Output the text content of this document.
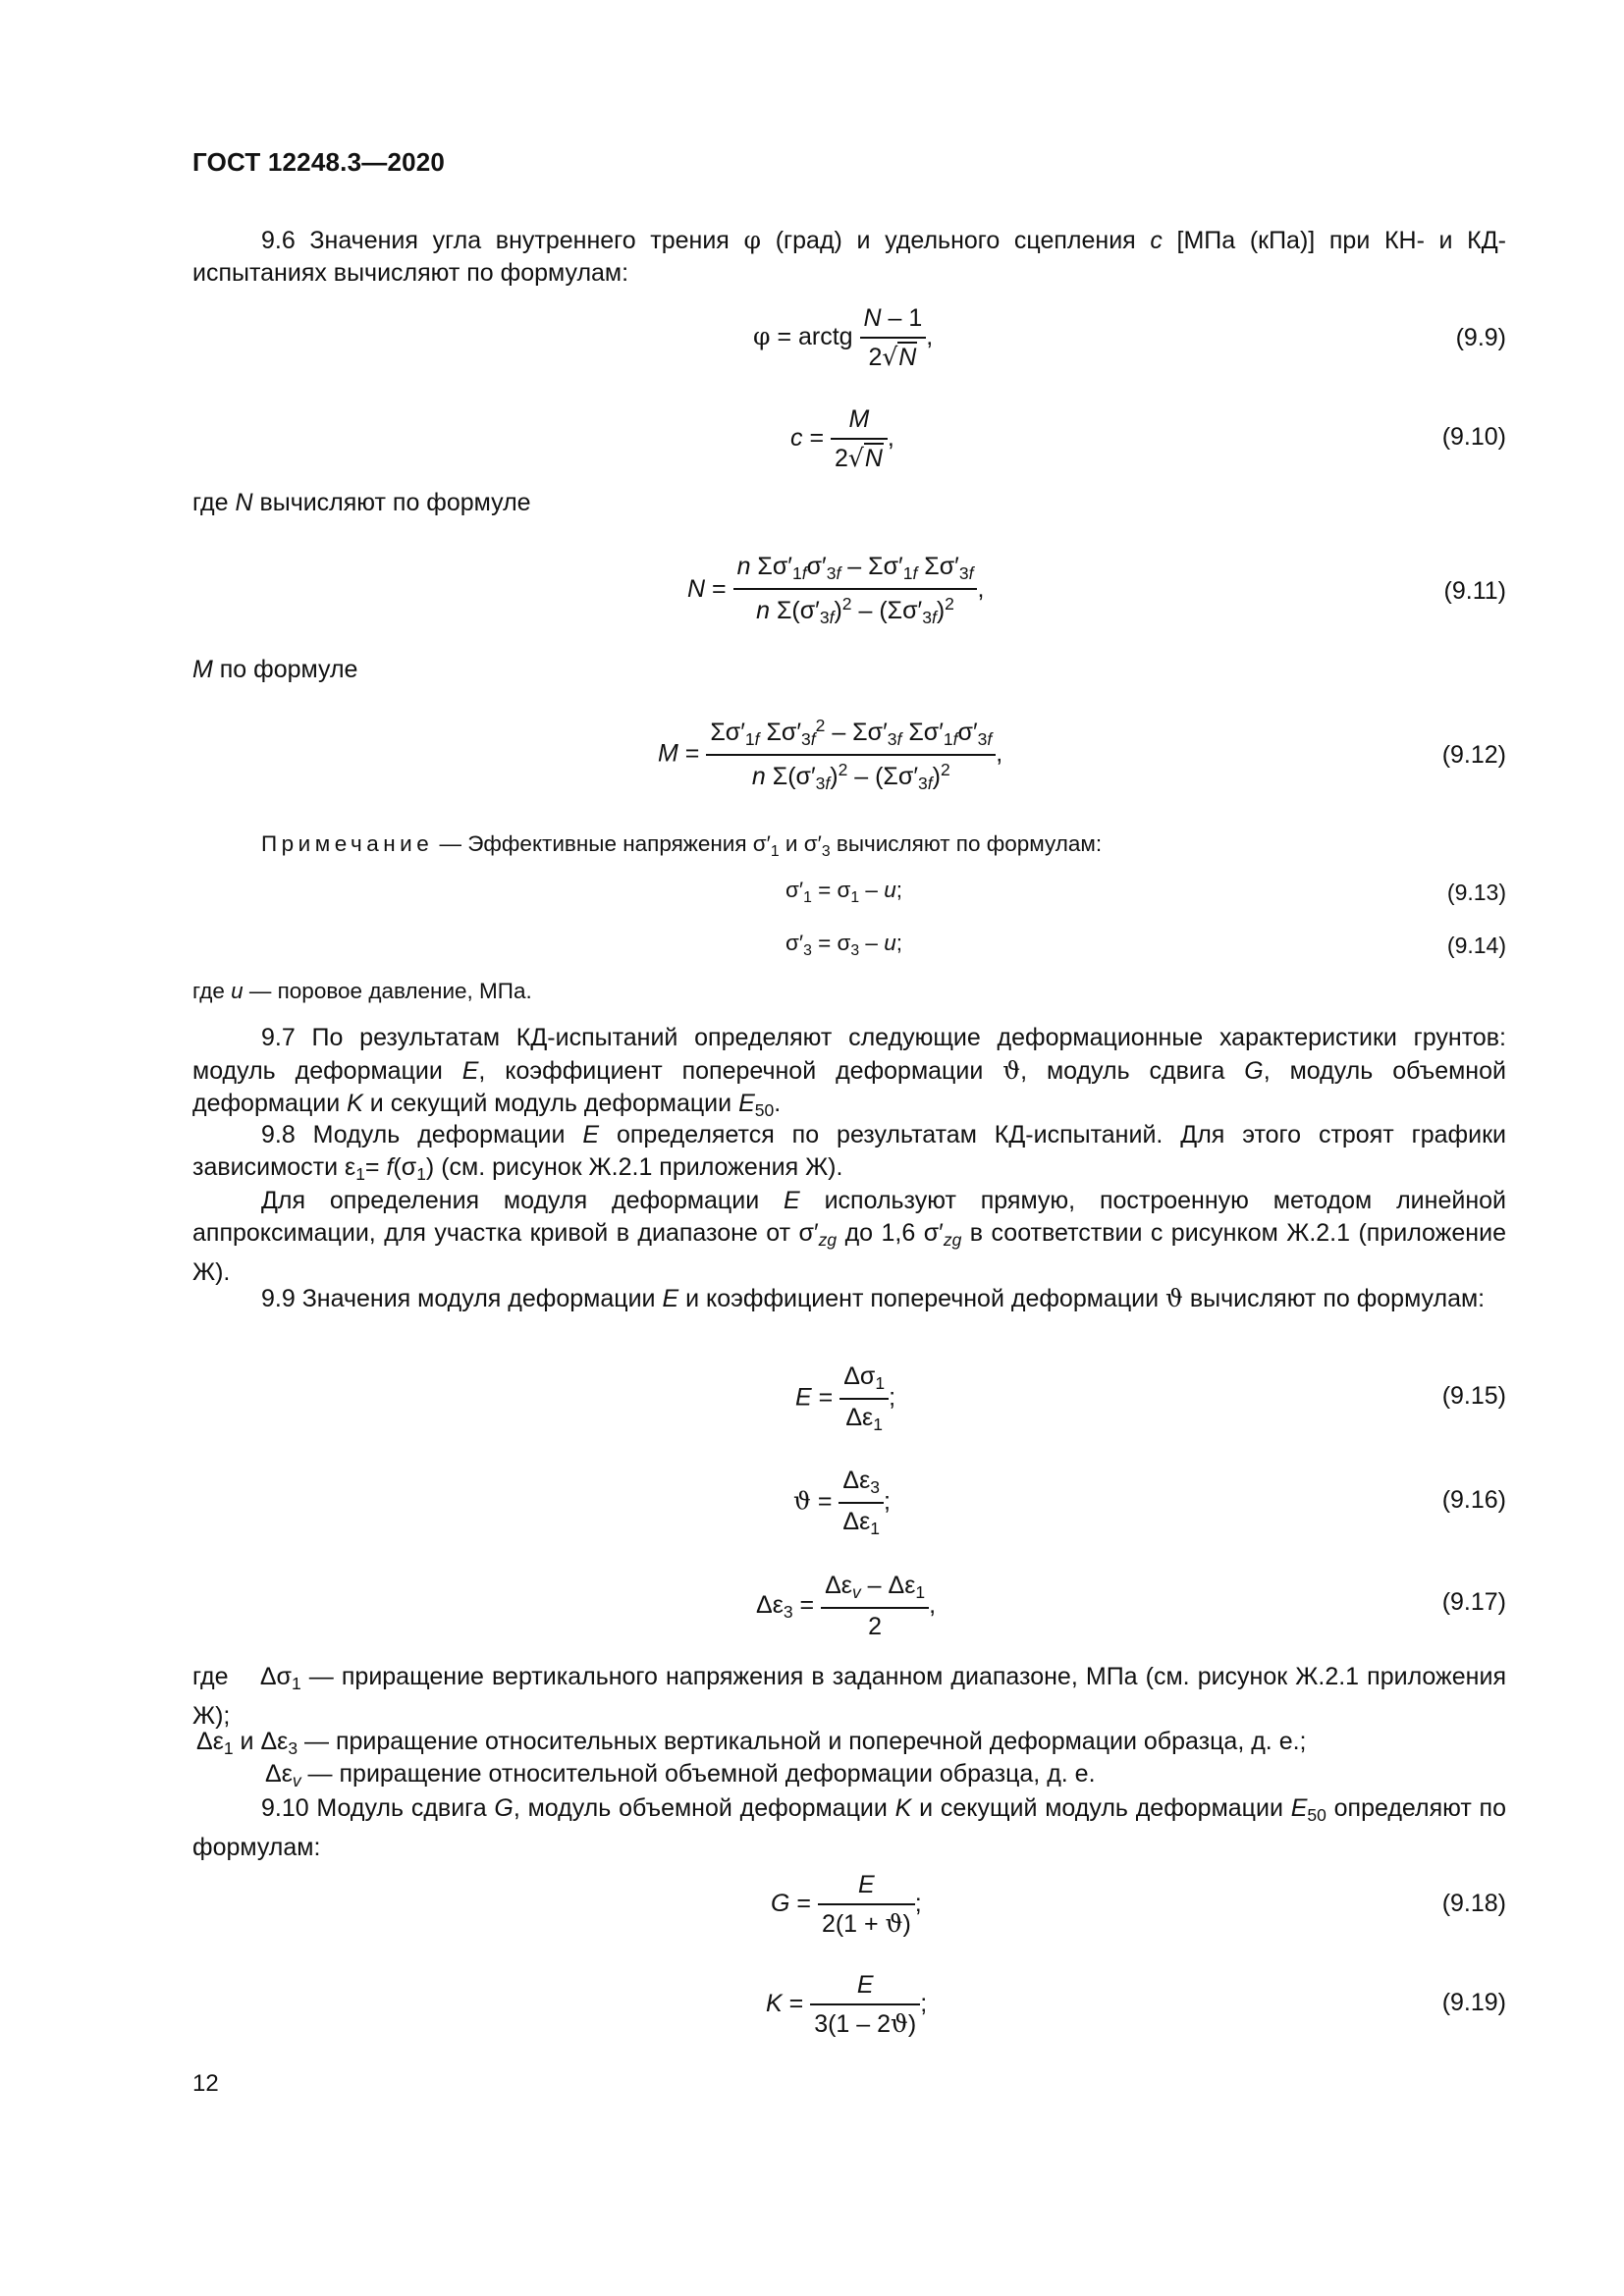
ГОСТ 12248.3—2020
9.6 Значения угла внутреннего трения φ (град) и удельного сцепления c [МПа (кПа)] при КН- и КД-испытаниях вычисляют по формулам:
φ = arctg $\frac{N - 1}{2√N}$ ,	(9.9)
$c = \frac{M}{2√N}$ ,	(9.10)
где N вычисляют по формуле
$N = \frac{n \Sigma\sigma'_{1f}\sigma'_{3f} - \Sigma\sigma'_{1f} \Sigma\sigma'_{3f}}{n \Sigma(\sigma'_{3f})^2 - (\Sigma\sigma'_{3f})^2}$ ,	(9.11)
M по формуле
$M = \frac{\Sigma\sigma'_{1f} \Sigma\sigma'_{3f}^2 - \Sigma\sigma'_{3f} \Sigma\sigma'_{1f}\sigma'_{3f}}{n \Sigma(\sigma'_{3f})^2 - (\Sigma\sigma'_{3f})^2}$ ,	(9.12)
Примечание — Эффективные напряжения $\sigma'_1$ и $\sigma'_3$ вычисляют по формулам:
$\sigma'_1 = \sigma_1 - u$;	(9.13)
$\sigma'_3 = \sigma_3 - u$;	(9.14)
где u — поровое давление, МПа.
9.7 По результатам КД-испытаний определяют следующие деформационные характеристики грунтов: модуль деформации E, коэффициент поперечной деформации ϑ, модуль сдвига G, модуль объемной деформации K и секущий модуль деформации $E_{50}$.
9.8 Модуль деформации E определяется по результатам КД-испытаний. Для этого строят графики зависимости $\varepsilon_1= f(\sigma_1)$ (см. рисунок Ж.2.1 приложения Ж).
Для определения модуля деформации E используют прямую, построенную методом линейной аппроксимации, для участка кривой в диапазоне от $\sigma'_{zg}$ до 1,6 $\sigma'_{zg}$ в соответствии с рисунком Ж.2.1 (приложение Ж).
9.9 Значения модуля деформации E и коэффициент поперечной деформации ϑ вычисляют по формулам:
$E = \frac{\Delta\sigma_1}{\Delta\varepsilon_1}$ ;	(9.15)
$ϑ = \frac{\Delta\varepsilon_3}{\Delta\varepsilon_1}$ ;	(9.16)
$\Delta\varepsilon_3 = \frac{\Delta\varepsilon_v - \Delta\varepsilon_1}{2}$ ,	(9.17)
где    $\Delta\sigma_1$ — приращение вертикального напряжения в заданном диапазоне, МПа (см. рисунок Ж.2.1 приложения Ж);
$\Delta\varepsilon_1$ и $\Delta\varepsilon_3$ — приращение относительных вертикальной и поперечной деформации образца, д. е.;
$\Delta\varepsilon_v$ — приращение относительной объемной деформации образца, д. е.
9.10 Модуль сдвига G, модуль объемной деформации K и секущий модуль деформации $E_{50}$ определяют по формулам:
$G = \frac{E}{2(1 + ϑ)}$ ;	(9.18)
$K = \frac{E}{3(1 - 2ϑ)}$ ;	(9.19)
12
